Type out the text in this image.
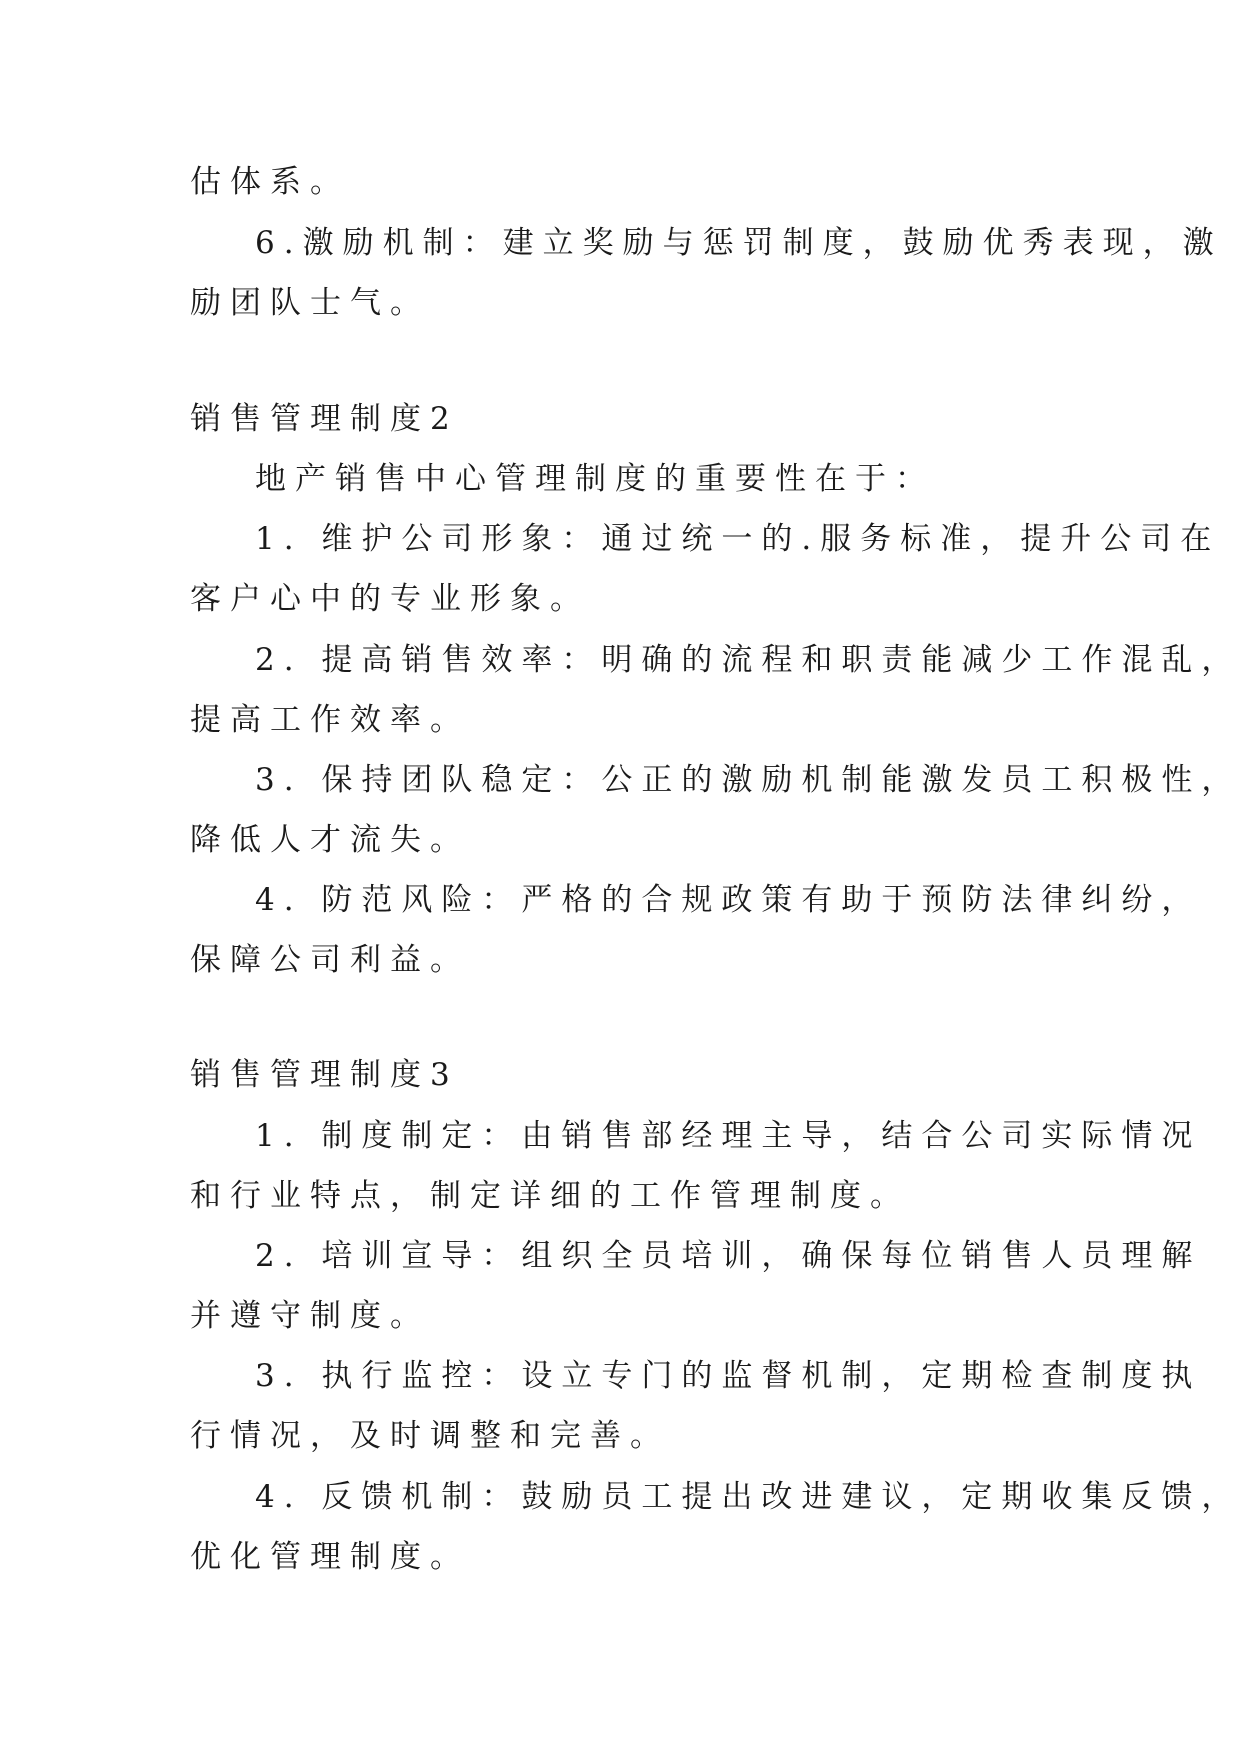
估体系。
6.激励机制：建立奖励与惩罚制度，鼓励优秀表现，激
励团队士气。
销售管理制度2
地产销售中心管理制度的重要性在于：
1. 维护公司形象：通过统一的.服务标准，提升公司在
客户心中的专业形象。
2. 提高销售效率：明确的流程和职责能减少工作混乱，
提高工作效率。
3. 保持团队稳定：公正的激励机制能激发员工积极性，
降低人才流失。
4. 防范风险：严格的合规政策有助于预防法律纠纷，
保障公司利益。
销售管理制度3
1. 制度制定：由销售部经理主导，结合公司实际情况
和行业特点，制定详细的工作管理制度。
2. 培训宣导：组织全员培训，确保每位销售人员理解
并遵守制度。
3. 执行监控：设立专门的监督机制，定期检查制度执
行情况，及时调整和完善。
4. 反馈机制：鼓励员工提出改进建议，定期收集反馈，
优化管理制度。
